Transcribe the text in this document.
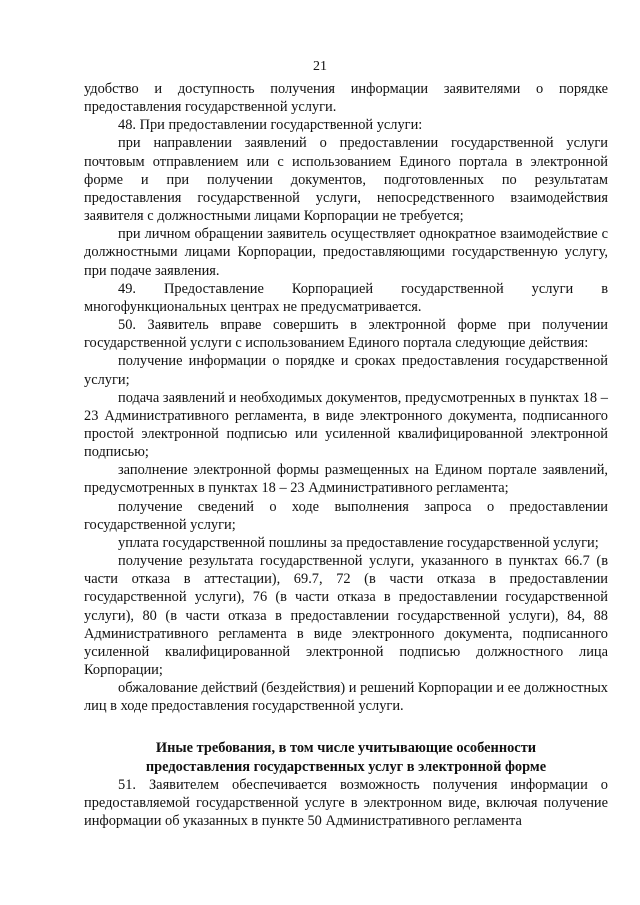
21

удобство и доступность получения информации заявителями о порядке предоставления государственной услуги.

48. При предоставлении государственной услуги:

при направлении заявлений о предоставлении государственной услуги почтовым отправлением или с использованием Единого портала в электронной форме и при получении документов, подготовленных по результатам предоставления государственной услуги, непосредственного взаимодействия заявителя с должностными лицами Корпорации не требуется;

при личном обращении заявитель осуществляет однократное взаимодействие с должностными лицами Корпорации, предоставляющими государственную услугу, при подаче заявления.

49. Предоставление Корпорацией государственной услуги в многофункциональных центрах не предусматривается.

50. Заявитель вправе совершить в электронной форме при получении государственной услуги с использованием Единого портала следующие действия:

получение информации о порядке и сроках предоставления государственной услуги;

подача заявлений и необходимых документов, предусмотренных в пунктах 18 – 23 Административного регламента, в виде электронного документа, подписанного простой электронной подписью или усиленной квалифицированной электронной подписью;

заполнение электронной формы размещенных на Едином портале заявлений, предусмотренных в пунктах 18 – 23 Административного регламента;

получение сведений о ходе выполнения запроса о предоставлении государственной услуги;

уплата государственной пошлины за предоставление государственной услуги;

получение результата государственной услуги, указанного в пунктах 66.7 (в части отказа в аттестации), 69.7, 72 (в части отказа в предоставлении государственной услуги), 76 (в части отказа в предоставлении государственной услуги), 80 (в части отказа в предоставлении государственной услуги), 84, 88 Административного регламента в виде электронного документа, подписанного усиленной квалифицированной электронной подписью должностного лица Корпорации;

обжалование действий (бездействия) и решений Корпорации и ее должностных лиц в ходе предоставления государственной услуги.

Иные требования, в том числе учитывающие особенности
предоставления государственных услуг в электронной форме

51. Заявителем обеспечивается возможность получения информации о предоставляемой государственной услуге в электронном виде, включая получение информации об указанных в пункте 50 Административного регламента
